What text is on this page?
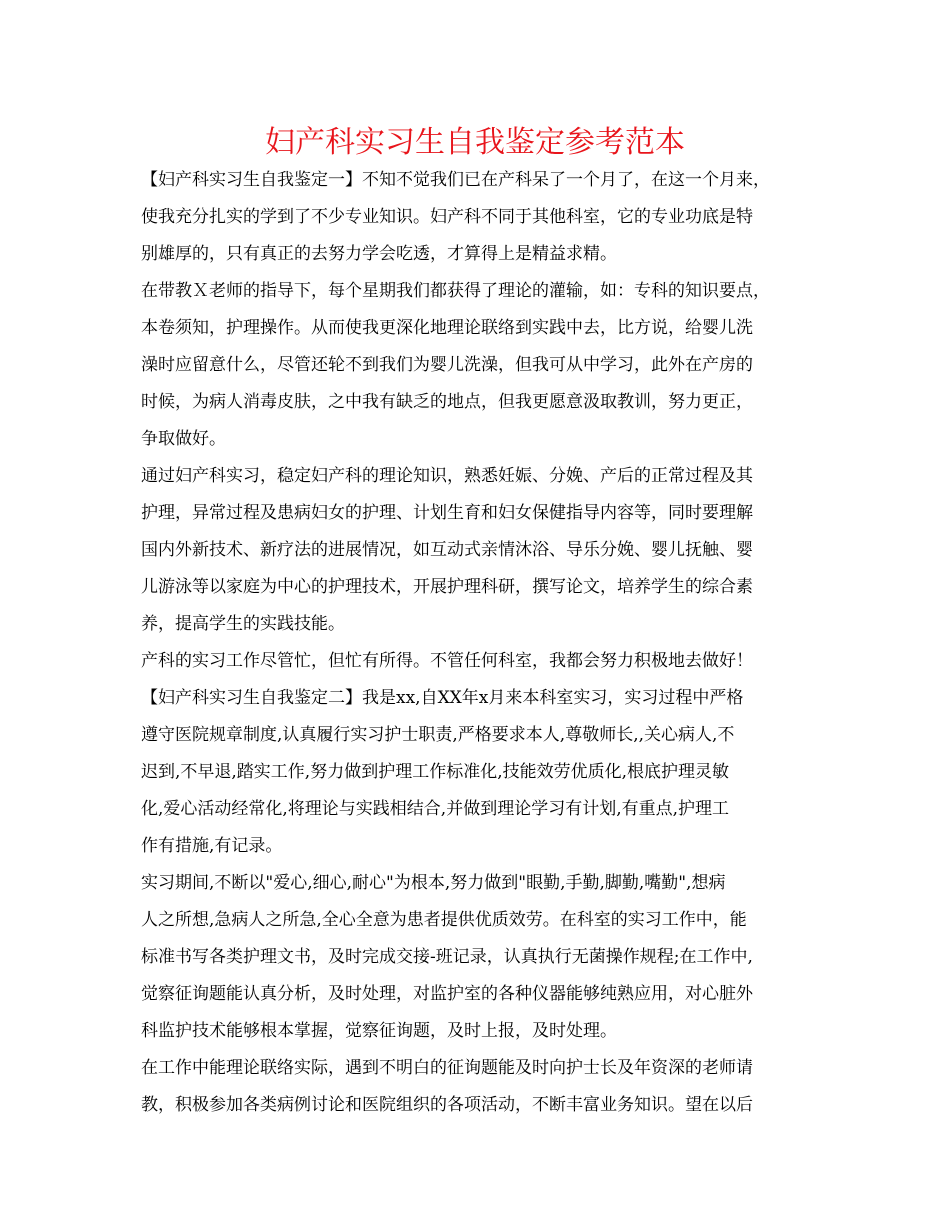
妇产科实习生自我鉴定参考范本

【妇产科实习生自我鉴定一】不知不觉我们已在产科呆了一个月了，在这一个月来，

使我充分扎实的学到了不少专业知识。妇产科不同于其他科室，它的专业功底是特

别雄厚的，只有真正的去努力学会吃透，才算得上是精益求精。

在带教Ｘ老师的指导下，每个星期我们都获得了理论的灌输，如：专科的知识要点，

本卷须知，护理操作。从而使我更深化地理论联络到实践中去，比方说，给婴儿洗

澡时应留意什么，尽管还轮不到我们为婴儿洗澡，但我可从中学习，此外在产房的

时候，为病人消毒皮肤，之中我有缺乏的地点，但我更愿意汲取教训，努力更正，

争取做好。

通过妇产科实习，稳定妇产科的理论知识，熟悉妊娠、分娩、产后的正常过程及其

护理，异常过程及患病妇女的护理、计划生育和妇女保健指导内容等，同时要理解

国内外新技术、新疗法的进展情况，如互动式亲情沐浴、导乐分娩、婴儿抚触、婴

儿游泳等以家庭为中心的护理技术，开展护理科研，撰写论文，培养学生的综合素

养，提高学生的实践技能。

产科的实习工作尽管忙，但忙有所得。不管任何科室，我都会努力积极地去做好！

【妇产科实习生自我鉴定二】我是xx,自XX年x月来本科室实习，实习过程中严格

遵守医院规章制度,认真履行实习护士职责,严格要求本人,尊敬师长,,关心病人,不

迟到,不早退,踏实工作,努力做到护理工作标准化,技能效劳优质化,根底护理灵敏

化,爱心活动经常化,将理论与实践相结合,并做到理论学习有计划,有重点,护理工

作有措施,有记录。

实习期间,不断以"爱心,细心,耐心"为根本,努力做到"眼勤,手勤,脚勤,嘴勤",想病

人之所想,急病人之所急,全心全意为患者提供优质效劳。在科室的实习工作中，能

标准书写各类护理文书，及时完成交接-班记录，认真执行无菌操作规程;在工作中,

觉察征询题能认真分析，及时处理，对监护室的各种仪器能够纯熟应用，对心脏外

科监护技术能够根本掌握，觉察征询题，及时上报，及时处理。

在工作中能理论联络实际，遇到不明白的征询题能及时向护士长及年资深的老师请

教，积极参加各类病例讨论和医院组织的各项活动，不断丰富业务知识。望在以后
